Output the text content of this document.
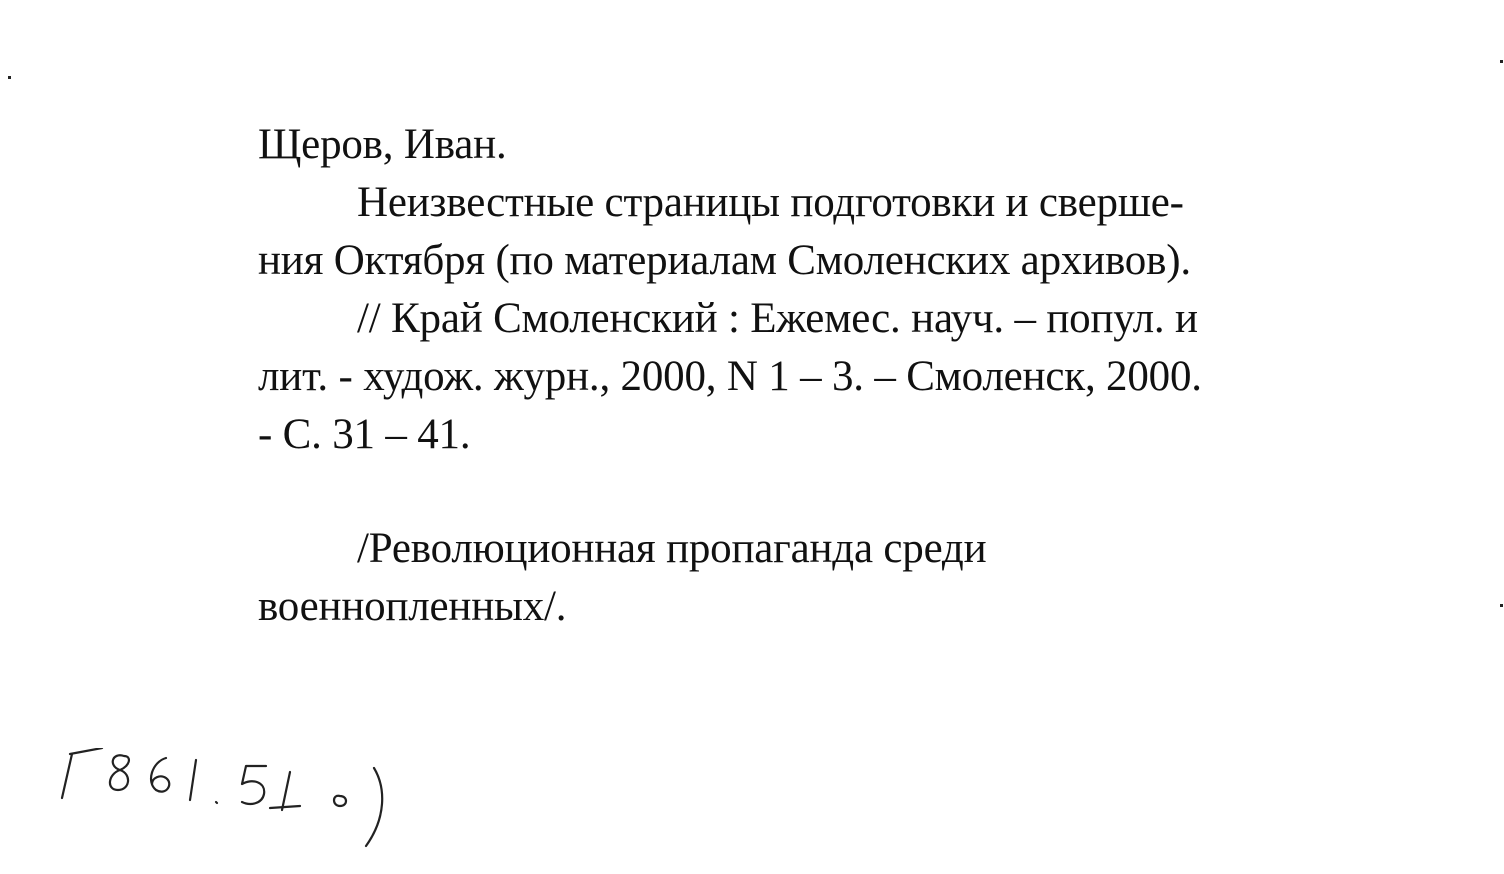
Щеров, Иван.
Неизвестные страницы подготовки и сверше-
ния Октября (по материалам Смоленских архивов).
// Край Смоленский : Ежемес. науч. – попул. и
лит. - худож. журн., 2000, N 1 – 3. – Смоленск, 2000.
- С. 31 – 41.
/Революционная пропаганда среди
военнопленных/.
